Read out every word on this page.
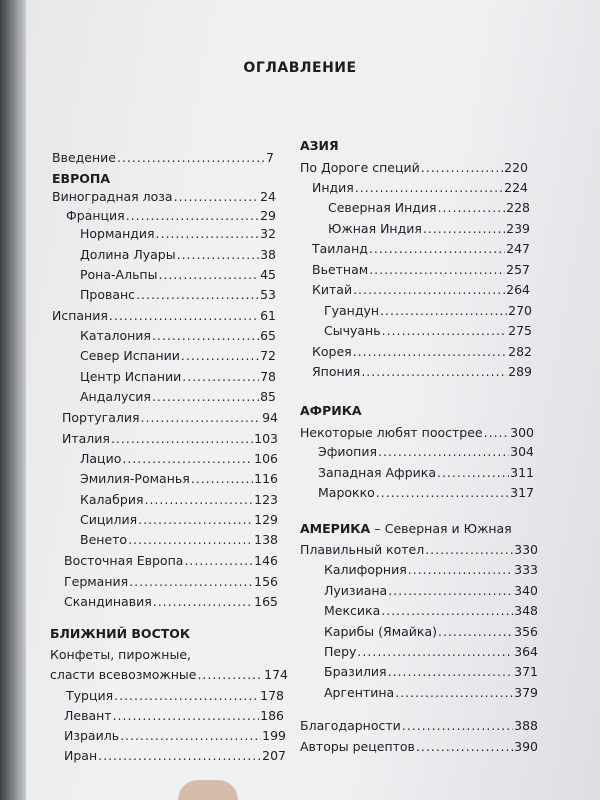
ОГЛАВЛЕНИЕ
ЕВРОПА
БЛИЖНИЙ ВОСТОК
Конфеты, пирожные,
Введение .....	7
Виноградная лоза .....	24
Франция .....	29
Нормандия .....	32
Долина Луары .....	38
Рона-Альпы .....	45
Прованс .....	53
Испания .....	61
Каталония .....	65
Север Испании .....	72
Центр Испании .....	78
Андалусия .....	85
Португалия .....	94
Италия .....	103
Лацио .....	106
Эмилия-Романья .....	116
Калабрия .....	123
Сицилия .....	129
Венето .....	138
Восточная Европа .....	146
Германия .....	156
Скандинавия .....	165
сласти всевозможные .....	174
Турция .....	178
Левант .....	186
Израиль .....	199
Иран .....	207
АЗИЯ
АФРИКА
АМЕРИКА – Северная и Южная
По Дороге специй .....	220
Индия .....	224
Северная Индия .....	228
Южная Индия .....	239
Таиланд .....	247
Вьетнам .....	257
Китай .....	264
Гуандун .....	270
Сычуань .....	275
Корея .....	282
Япония .....	289
Некоторые любят поострее ..... 300
Эфиопия .....	304
Западная Африка .....	311
Марокко .....	317
Плавильный котел .....	330
Калифорния .....	333
Луизиана .....	340
Мексика .....	348
Карибы (Ямайка) .....	356
Перу .....	364
Бразилия .....	371
Аргентина .....	379
Благодарности .....	388
Авторы рецептов .....	390
